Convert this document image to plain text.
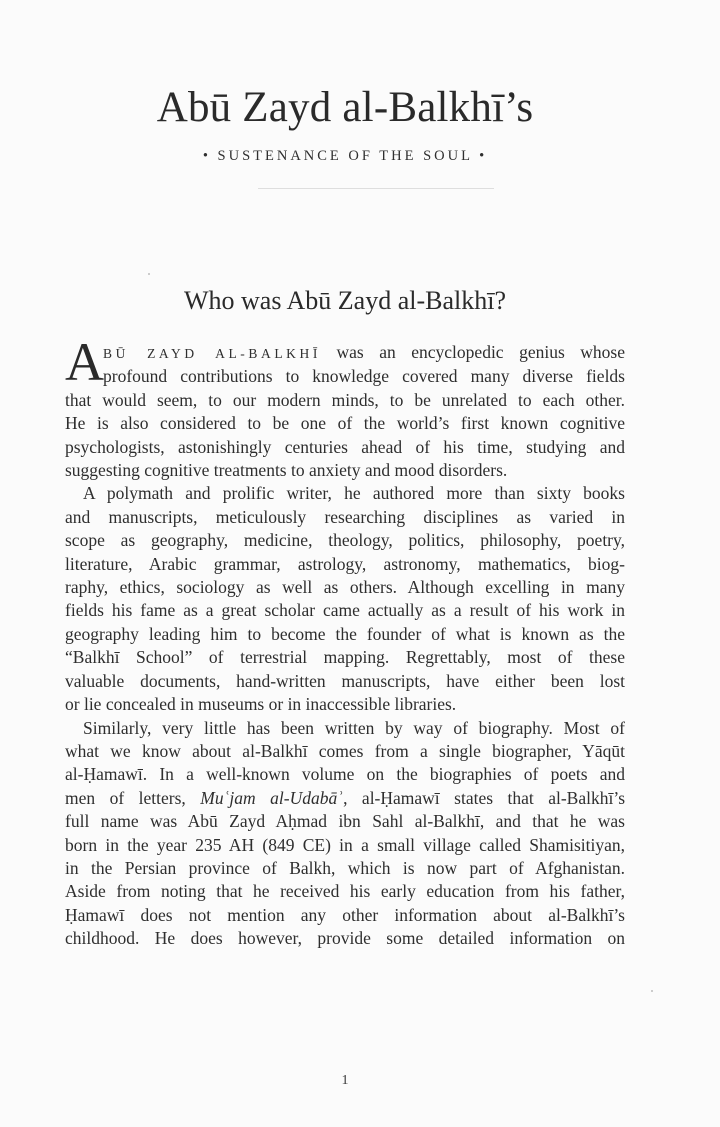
Abū Zayd al-Balkhī’s
• SUSTENANCE OF THE SOUL •
Who was Abū Zayd al-Balkhī?
A BŪ ZAYD AL-BALKHĪ was an encyclopedic genius whose
profound contributions to knowledge covered many diverse fields
that would seem, to our modern minds, to be unrelated to each other.
He is also considered to be one of the world’s first known cognitive
psychologists, astonishingly centuries ahead of his time, studying and
suggesting cognitive treatments to anxiety and mood disorders.
A polymath and prolific writer, he authored more than sixty books
and manuscripts, meticulously researching disciplines as varied in
scope as geography, medicine, theology, politics, philosophy, poetry,
literature, Arabic grammar, astrology, astronomy, mathematics, biog-
raphy, ethics, sociology as well as others. Although excelling in many
fields his fame as a great scholar came actually as a result of his work in
geography leading him to become the founder of what is known as the
“Balkhī School” of terrestrial mapping. Regrettably, most of these
valuable documents, hand-written manuscripts, have either been lost
or lie concealed in museums or in inaccessible libraries.
Similarly, very little has been written by way of biography. Most of
what we know about al-Balkhī comes from a single biographer, Yāqūt
al-Ḥamawī. In a well-known volume on the biographies of poets and
men of letters, Muʿjam al-Udabāʾ, al-Ḥamawī states that al-Balkhī’s
full name was Abū Zayd Aḥmad ibn Sahl al-Balkhī, and that he was
born in the year 235 AH (849 CE) in a small village called Shamisitiyan,
in the Persian province of Balkh, which is now part of Afghanistan.
Aside from noting that he received his early education from his father,
Ḥamawī does not mention any other information about al-Balkhī’s
childhood. He does however, provide some detailed information on
1
